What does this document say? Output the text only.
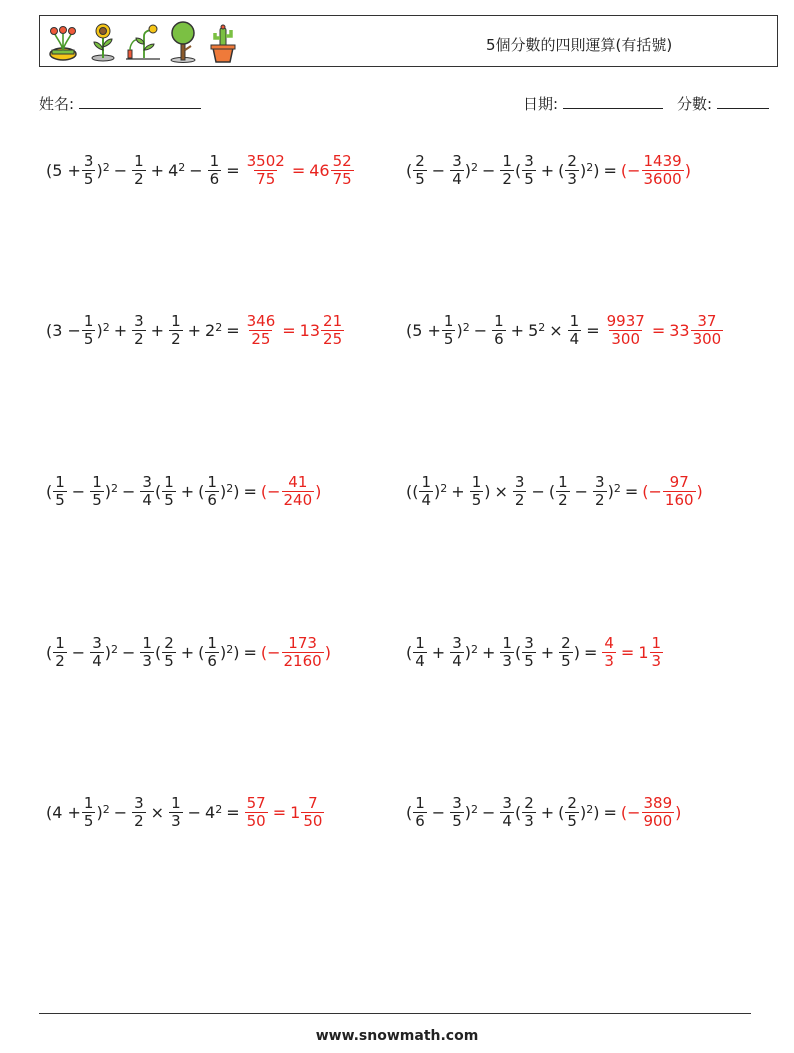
5個分數的四則運算(有括號)
姓名:	日期:	分數:
$(5 + \frac{3}{5} )^2 - \frac{1}{2} + 4^2 - \frac{1}{6} = \frac{3502}{75} = 46 \frac{52}{75}$	( $\frac{2}{5} - \frac{3}{4} )^2 - \frac{1}{2}$ ( $\frac{3}{5}$ + ( $\frac{2}{3} )^2$ ) = (− $\frac{1439}{3600}$ )
$(3 - \frac{1}{5} )^2 + \frac{3}{2} + \frac{1}{2} + 2^2 = \frac{346}{25} = 13 \frac{21}{25}$	$(5 + \frac{1}{5} )^2 - \frac{1}{6} + 5^2 \times \frac{1}{4} = \frac{9937}{300} = 33 \frac{37}{300}$
( $\frac{1}{5} - \frac{1}{5} )^2 - \frac{3}{4}$ ( $\frac{1}{5}$ + ( $\frac{1}{6} )^2$ ) = (− $\frac{41}{240}$ )	(( $\frac{1}{4} )^2 + \frac{1}{5}$ ) × $\frac{3}{2}$ − ( $\frac{1}{2} - \frac{3}{2} )^2$ = (− $\frac{97}{160}$ )
( $\frac{1}{2} - \frac{3}{4} )^2 - \frac{1}{3}$ ( $\frac{2}{5}$ + ( $\frac{1}{6} )^2$ ) = (− $\frac{173}{2160}$ )	( $\frac{1}{4} + \frac{3}{4} )^2 + \frac{1}{3}$ ( $\frac{3}{5} + \frac{2}{5}$ ) = $\frac{4}{3} = 1 \frac{1}{3}$
$(4 + \frac{1}{5} )^2 - \frac{3}{2} \times \frac{1}{3} - 4^2 = \frac{57}{50} = 1 \frac{7}{50}$	( $\frac{1}{6} - \frac{3}{5} )^2 - \frac{3}{4}$ ( $\frac{2}{3}$ + ( $\frac{2}{5} )^2$ ) = (− $\frac{389}{900}$ )
www.snowmath.com
